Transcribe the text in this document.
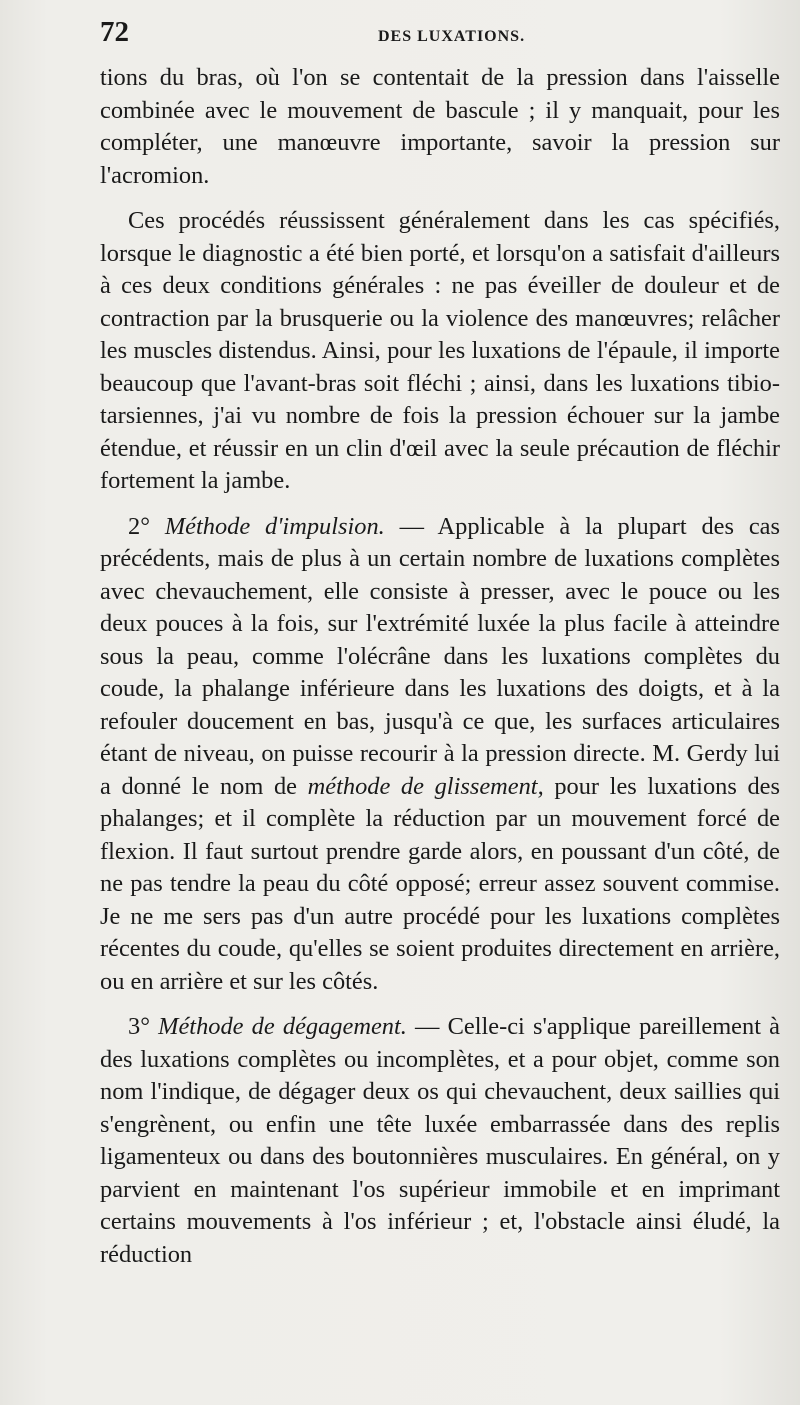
72	DES LUXATIONS.

tions du bras, où l'on se contentait de la pression dans l'aisselle combinée avec le mouvement de bascule ; il y manquait, pour les compléter, une manœuvre importante, savoir la pression sur l'acromion.

Ces procédés réussissent généralement dans les cas spécifiés, lorsque le diagnostic a été bien porté, et lorsqu'on a satisfait d'ailleurs à ces deux conditions générales : ne pas éveiller de douleur et de contraction par la brusquerie ou la violence des manœuvres; relâcher les muscles distendus. Ainsi, pour les luxations de l'épaule, il importe beaucoup que l'avant-bras soit fléchi ; ainsi, dans les luxations tibio-tarsiennes, j'ai vu nombre de fois la pression échouer sur la jambe étendue, et réussir en un clin d'œil avec la seule précaution de fléchir fortement la jambe.

2° Méthode d'impulsion. — Applicable à la plupart des cas précédents, mais de plus à un certain nombre de luxations complètes avec chevauchement, elle consiste à presser, avec le pouce ou les deux pouces à la fois, sur l'extrémité luxée la plus facile à atteindre sous la peau, comme l'olécrâne dans les luxations complètes du coude, la phalange inférieure dans les luxations des doigts, et à la refouler doucement en bas, jusqu'à ce que, les surfaces articulaires étant de niveau, on puisse recourir à la pression directe. M. Gerdy lui a donné le nom de méthode de glissement, pour les luxations des phalanges; et il complète la réduction par un mouvement forcé de flexion. Il faut surtout prendre garde alors, en poussant d'un côté, de ne pas tendre la peau du côté opposé; erreur assez souvent commise. Je ne me sers pas d'un autre procédé pour les luxations complètes récentes du coude, qu'elles se soient produites directement en arrière, ou en arrière et sur les côtés.

3° Méthode de dégagement. — Celle-ci s'applique pareillement à des luxations complètes ou incomplètes, et a pour objet, comme son nom l'indique, de dégager deux os qui chevauchent, deux saillies qui s'engrènent, ou enfin une tête luxée embarrassée dans des replis ligamenteux ou dans des boutonnières musculaires. En général, on y parvient en maintenant l'os supérieur immobile et en imprimant certains mouvements à l'os inférieur ; et, l'obstacle ainsi éludé, la réduction
